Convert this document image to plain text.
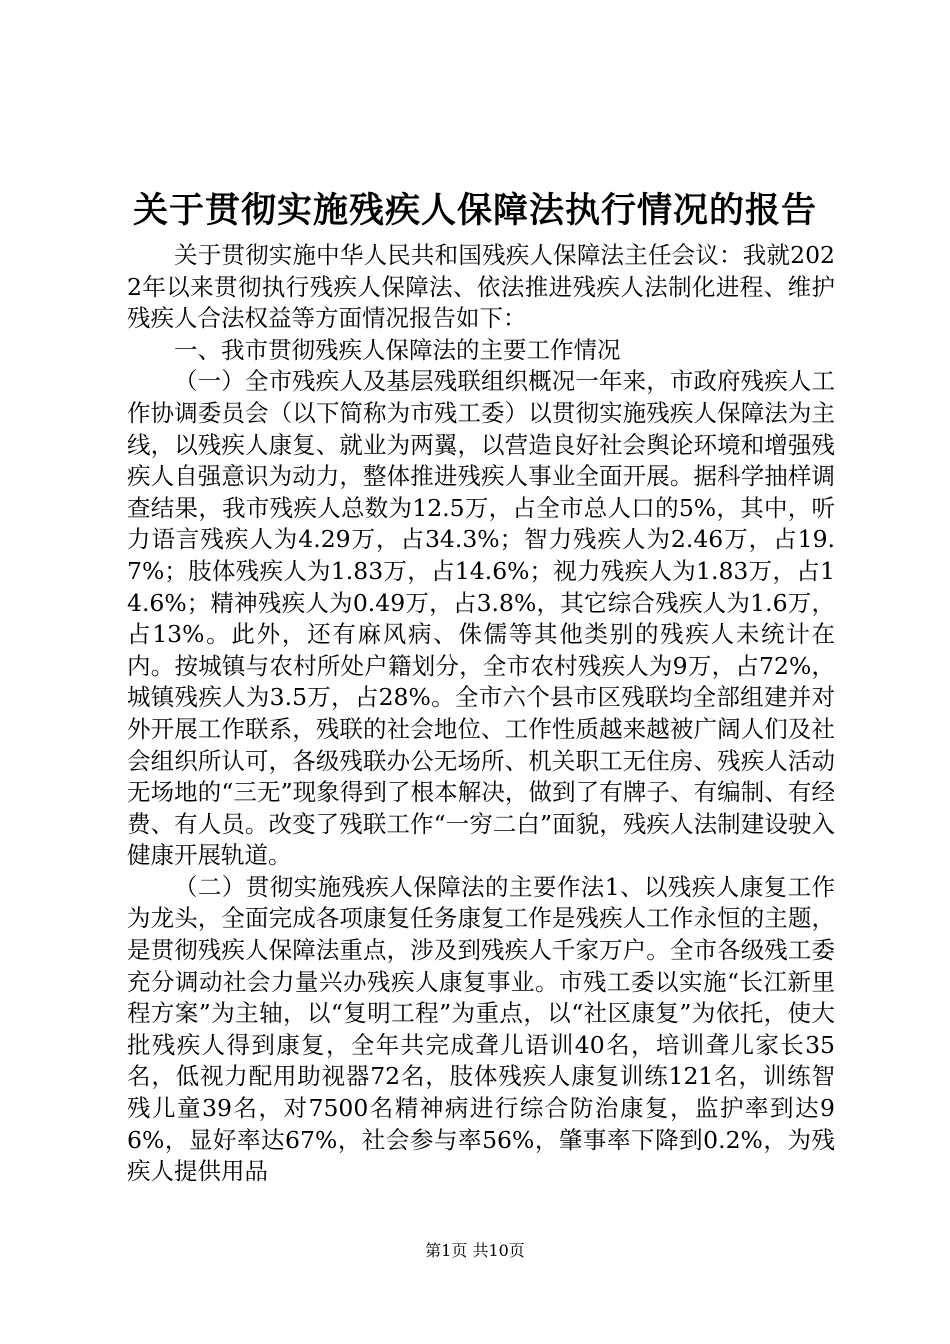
关于贯彻实施残疾人保障法执行情况的报告

关于贯彻实施中华人民共和国残疾人保障法主任会议：我就2022年以来贯彻执行残疾人保障法、依法推进残疾人法制化进程、维护残疾人合法权益等方面情况报告如下：

一、我市贯彻残疾人保障法的主要工作情况

（一）全市残疾人及基层残联组织概况一年来，市政府残疾人工作协调委员会（以下简称为市残工委）以贯彻实施残疾人保障法为主线，以残疾人康复、就业为两翼，以营造良好社会舆论环境和增强残疾人自强意识为动力，整体推进残疾人事业全面开展。据科学抽样调查结果，我市残疾人总数为12.5万，占全市总人口的5%，其中，听力语言残疾人为4.29万，占34.3%；智力残疾人为2.46万，占19.7%；肢体残疾人为1.83万，占14.6%；视力残疾人为1.83万，占14.6%；精神残疾人为0.49万，占3.8%，其它综合残疾人为1.6万，占13%。此外，还有麻风病、侏儒等其他类别的残疾人未统计在内。按城镇与农村所处户籍划分，全市农村残疾人为9万，占72%，城镇残疾人为3.5万，占28%。全市六个县市区残联均全部组建并对外开展工作联系，残联的社会地位、工作性质越来越被广阔人们及社会组织所认可，各级残联办公无场所、机关职工无住房、残疾人活动无场地的“三无”现象得到了根本解决，做到了有牌子、有编制、有经费、有人员。改变了残联工作“一穷二白”面貌，残疾人法制建设驶入健康开展轨道。

（二）贯彻实施残疾人保障法的主要作法1、以残疾人康复工作为龙头，全面完成各项康复任务康复工作是残疾人工作永恒的主题，是贯彻残疾人保障法重点，涉及到残疾人千家万户。全市各级残工委充分调动社会力量兴办残疾人康复事业。市残工委以实施“长江新里程方案”为主轴，以“复明工程”为重点，以“社区康复”为依托，使大批残疾人得到康复，全年共完成聋儿语训40名，培训聋儿家长35名，低视力配用助视器72名，肢体残疾人康复训练121名，训练智残儿童39名，对7500名精神病进行综合防治康复，监护率到达96%，显好率达67%，社会参与率56%，肇事率下降到0.2%，为残疾人提供用品

第1页 共10页
